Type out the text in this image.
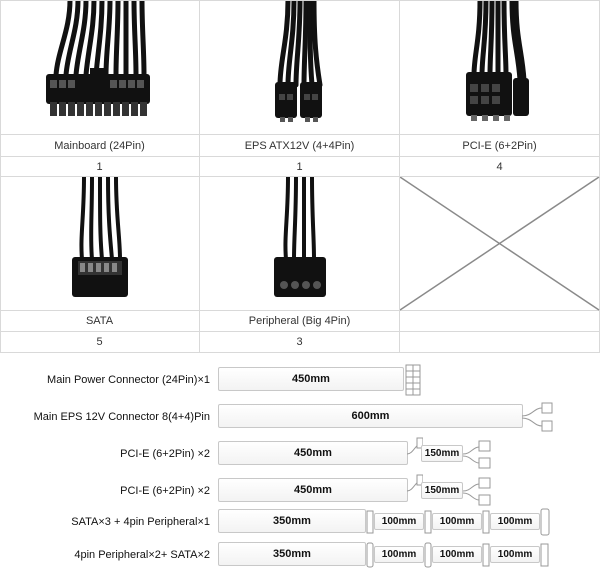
Mainboard (24Pin)	EPS ATX12V (4+4Pin)	PCI-E (6+2Pin)
1	1	4
SATA	Peripheral (Big 4Pin)
5	3
Main Power Connector (24Pin)×1	450mm
Main EPS 12V Connector 8(4+4)Pin	600mm
PCI-E (6+2Pin) ×2	450mm	150mm
PCI-E (6+2Pin) ×2	450mm	150mm
SATA×3 + 4pin Peripheral×1	350mm	100mm	100mm	100mm
4pin Peripheral×2+ SATA×2	350mm	100mm	100mm	100mm
